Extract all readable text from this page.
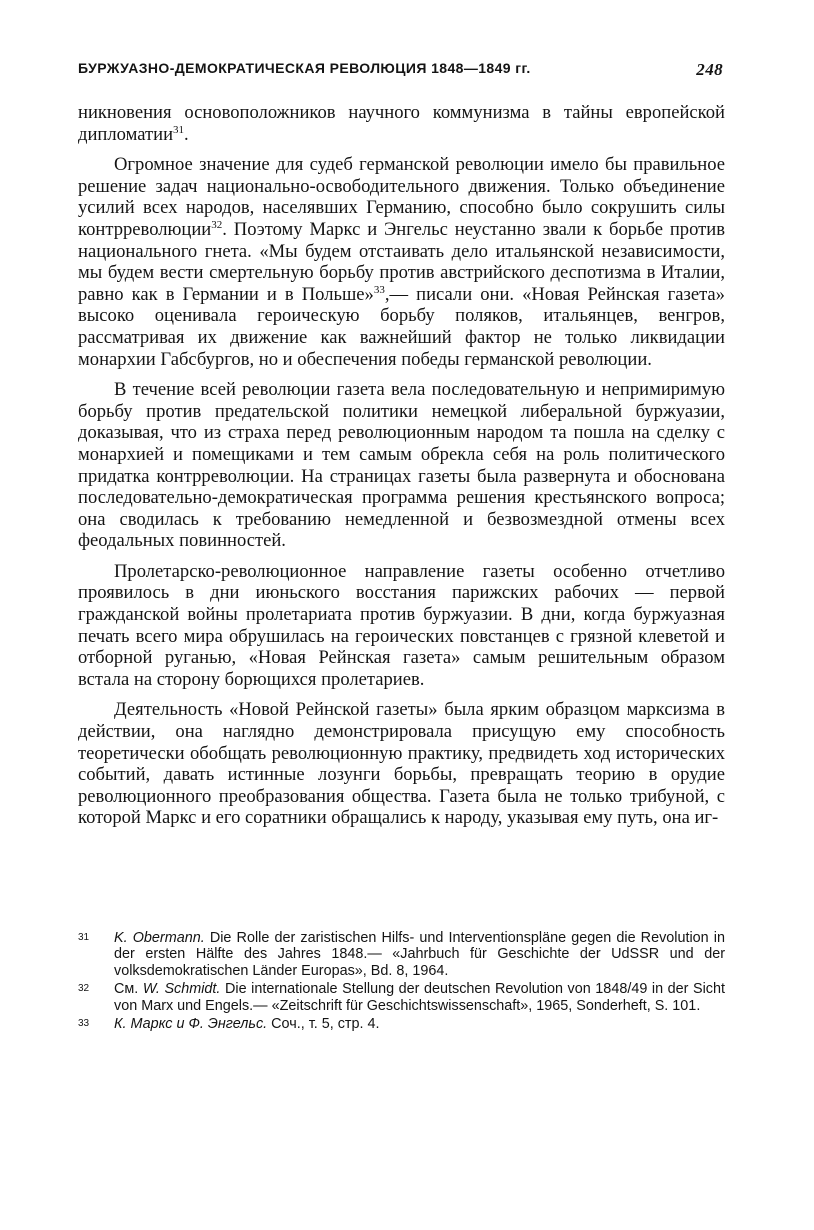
БУРЖУАЗНО-ДЕМОКРАТИЧЕСКАЯ РЕВОЛЮЦИЯ 1848—1849 гг.	248

никновения основоположников научного коммунизма в тайны европейской дипломатии$^{31}$.

Огромное значение для судеб германской революции имело бы правильное решение задач национально-освободительного движения. Только объединение усилий всех народов, населявших Германию, способно было сокрушить силы контрреволюции$^{32}$. Поэтому Маркс и Энгельс неустанно звали к борьбе против национального гнета. «Мы будем отстаивать дело итальянской независимости, мы будем вести смертельную борьбу против австрийского деспотизма в Италии, равно как в Германии и в Польше»$^{33}$,— писали они. «Новая Рейнская газета» высоко оценивала героическую борьбу поляков, итальянцев, венгров, рассматривая их движение как важнейший фактор не только ликвидации монархии Габсбургов, но и обеспечения победы германской революции.

В течение всей революции газета вела последовательную и непримиримую борьбу против предательской политики немецкой либеральной буржуазии, доказывая, что из страха перед революционным народом та пошла на сделку с монархией и помещиками и тем самым обрекла себя на роль политического придатка контрреволюции. На страницах газеты была развернута и обоснована последовательно-демократическая программа решения крестьянского вопроса; она сводилась к требованию немедленной и безвозмездной отмены всех феодальных повинностей.

Пролетарско-революционное направление газеты особенно отчетливо проявилось в дни июньского восстания парижских рабочих — первой гражданской войны пролетариата против буржуазии. В дни, когда буржуазная печать всего мира обрушилась на героических повстанцев с грязной клеветой и отборной руганью, «Новая Рейнская газета» самым решительным образом встала на сторону борющихся пролетариев.

Деятельность «Новой Рейнской газеты» была ярким образцом марксизма в действии, она наглядно демонстрировала присущую ему способность теоретически обобщать революционную практику, предвидеть ход исторических событий, давать истинные лозунги борьбы, превращать теорию в орудие революционного преобразования общества. Газета была не только трибуной, с которой Маркс и его соратники обращались к народу, указывая ему путь, она иг-

31 K. Obermann. Die Rolle der zaristischen Hilfs- und Interventionspläne gegen die Revolution in der ersten Hälfte des Jahres 1848.— «Jahrbuch für Geschichte der UdSSR und der volksdemokratischen Länder Europas», Bd. 8, 1964.
32 См. W. Schmidt. Die internationale Stellung der deutschen Revolution von 1848/49 in der Sicht von Marx und Engels.— «Zeitschrift für Geschichtswissenschaft», 1965, Sonderheft, S. 101.
33 К. Маркс и Ф. Энгельс. Соч., т. 5, стр. 4.
